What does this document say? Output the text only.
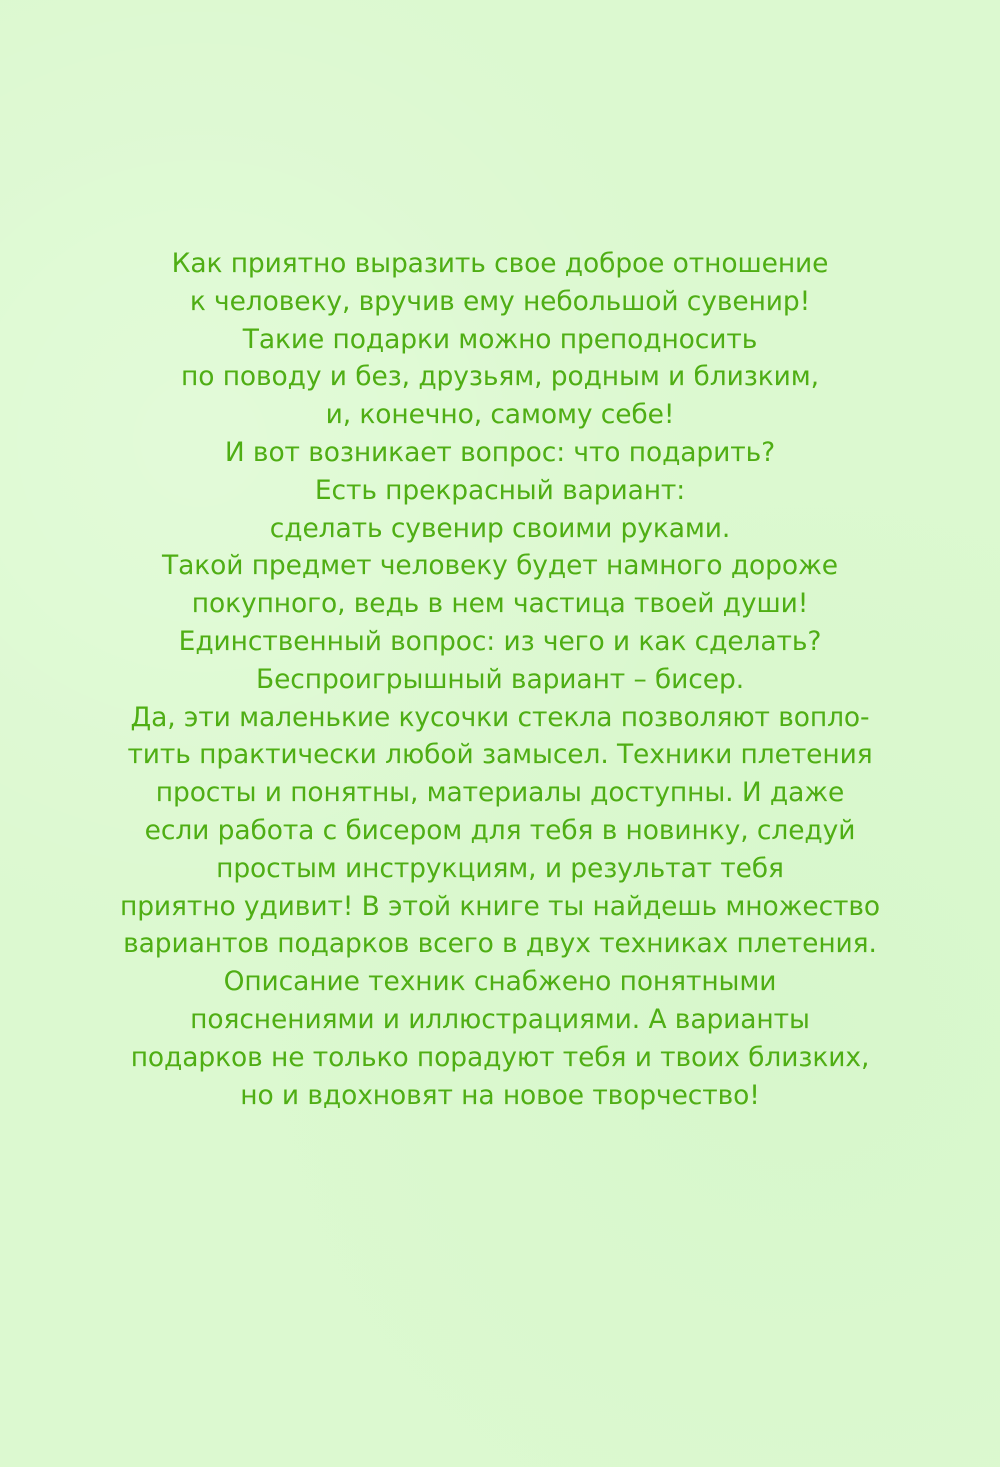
Как приятно выразить свое доброе отношение
к человеку, вручив ему небольшой сувенир!
Такие подарки можно преподносить
по поводу и без, друзьям, родным и близким,
и, конечно, самому себе!
И вот возникает вопрос: что подарить?
Есть прекрасный вариант:
сделать сувенир своими руками.
Такой предмет человеку будет намного дороже
покупного, ведь в нем частица твоей души!
Единственный вопрос: из чего и как сделать?
Беспроигрышный вариант – бисер.
Да, эти маленькие кусочки стекла позволяют вопло-
тить практически любой замысел. Техники плетения
просты и понятны, материалы доступны. И даже
если работа с бисером для тебя в новинку, следуй
простым инструкциям, и результат тебя
приятно удивит! В этой книге ты найдешь множество
вариантов подарков всего в двух техниках плетения.
Описание техник снабжено понятными
пояснениями и иллюстрациями. А варианты
подарков не только порадуют тебя и твоих близких,
но и вдохновят на новое творчество!
